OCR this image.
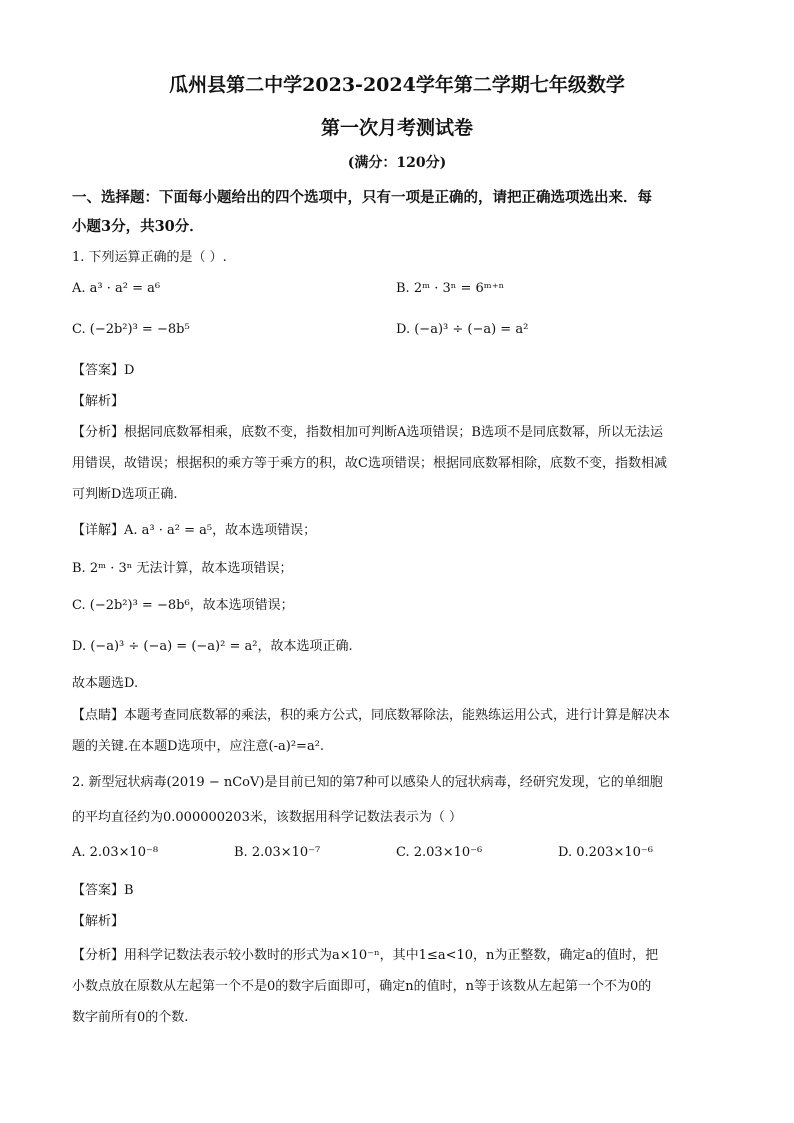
瓜州县第二中学2023-2024学年第二学期七年级数学
第一次月考测试卷
(满分：120分)
一、选择题：下面每小题给出的四个选项中，只有一项是正确的，请把正确选项选出来．每
小题3分，共30分．
1. 下列运算正确的是（ ）.
A. a³ · a² = a⁶	B. 2ᵐ · 3ⁿ = 6ᵐ⁺ⁿ
C. (−2b²)³ = −8b⁵	D. (−a)³ ÷ (−a) = a²
【答案】D
【解析】
【分析】根据同底数幂相乘，底数不变，指数相加可判断A选项错误；B选项不是同底数幂，所以无法运
用错误，故错误；根据积的乘方等于乘方的积，故C选项错误；根据同底数幂相除，底数不变，指数相减
可判断D选项正确.
【详解】A. a³ · a² = a⁵，故本选项错误；
B. 2ᵐ · 3ⁿ 无法计算，故本选项错误；
C. (−2b²)³ = −8b⁶，故本选项错误；
D. (−a)³ ÷ (−a) = (−a)² = a²，故本选项正确.
故本题选D.
【点睛】本题考查同底数幂的乘法，积的乘方公式，同底数幂除法，能熟练运用公式，进行计算是解决本
题的关键.在本题D选项中，应注意(-a)²=a².
2. 新型冠状病毒(2019 − nCoV)是目前已知的第7种可以感染人的冠状病毒，经研究发现，它的单细胞
的平均直径约为0.000000203米，该数据用科学记数法表示为（ ）
A. 2.03×10⁻⁸	B. 2.03×10⁻⁷	C. 2.03×10⁻⁶	D. 0.203×10⁻⁶
【答案】B
【解析】
【分析】用科学记数法表示较小数时的形式为a×10⁻ⁿ，其中1≤a<10，n为正整数，确定a的值时，把
小数点放在原数从左起第一个不是0的数字后面即可，确定n的值时，n等于该数从左起第一个不为0的
数字前所有0的个数.
